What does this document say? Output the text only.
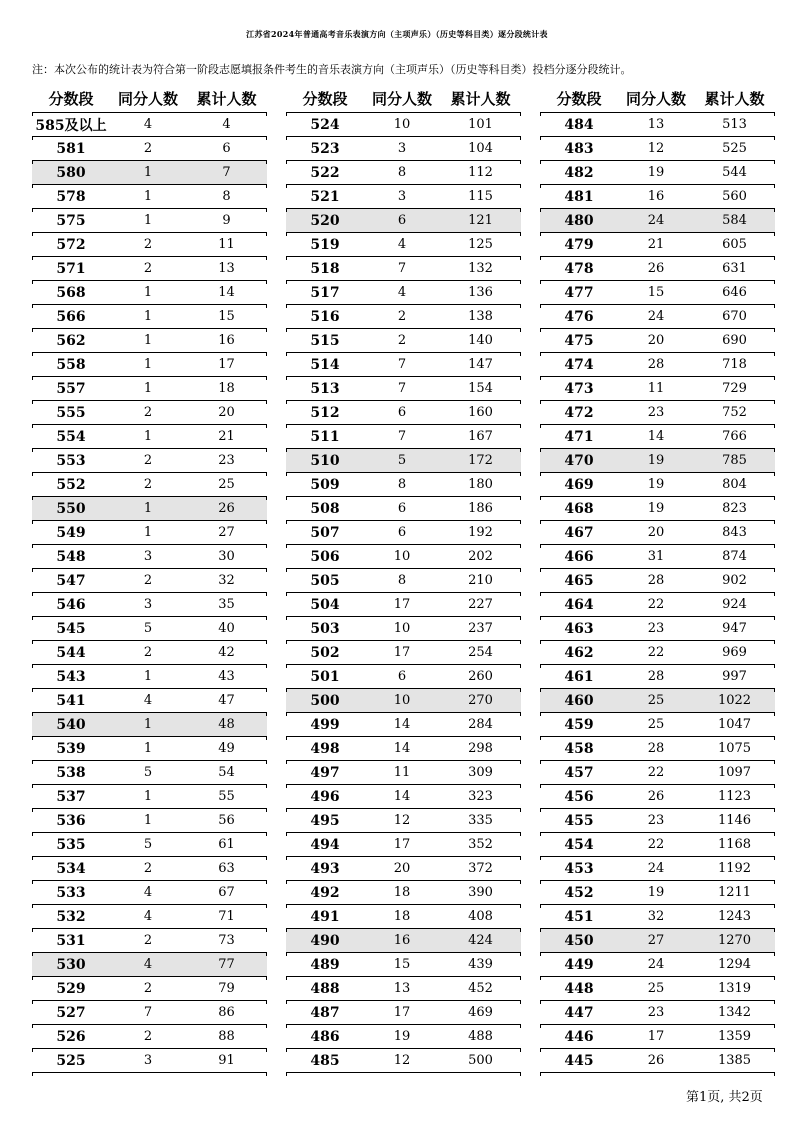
江苏省2024年普通高考音乐表演方向（主项声乐）（历史等科目类）逐分段统计表
注：本次公布的统计表为符合第一阶段志愿填报条件考生的音乐表演方向（主项声乐）（历史等科目类）投档分逐分段统计。
分数段	同分人数	累计人数
585及以上	4	4
581	2	6
580	1	7
578	1	8
575	1	9
572	2	11
571	2	13
568	1	14
566	1	15
562	1	16
558	1	17
557	1	18
555	2	20
554	1	21
553	2	23
552	2	25
550	1	26
549	1	27
548	3	30
547	2	32
546	3	35
545	5	40
544	2	42
543	1	43
541	4	47
540	1	48
539	1	49
538	5	54
537	1	55
536	1	56
535	5	61
534	2	63
533	4	67
532	4	71
531	2	73
530	4	77
529	2	79
527	7	86
526	2	88
525	3	91
分数段	同分人数	累计人数
524	10	101
523	3	104
522	8	112
521	3	115
520	6	121
519	4	125
518	7	132
517	4	136
516	2	138
515	2	140
514	7	147
513	7	154
512	6	160
511	7	167
510	5	172
509	8	180
508	6	186
507	6	192
506	10	202
505	8	210
504	17	227
503	10	237
502	17	254
501	6	260
500	10	270
499	14	284
498	14	298
497	11	309
496	14	323
495	12	335
494	17	352
493	20	372
492	18	390
491	18	408
490	16	424
489	15	439
488	13	452
487	17	469
486	19	488
485	12	500
分数段	同分人数	累计人数
484	13	513
483	12	525
482	19	544
481	16	560
480	24	584
479	21	605
478	26	631
477	15	646
476	24	670
475	20	690
474	28	718
473	11	729
472	23	752
471	14	766
470	19	785
469	19	804
468	19	823
467	20	843
466	31	874
465	28	902
464	22	924
463	23	947
462	22	969
461	28	997
460	25	1022
459	25	1047
458	28	1075
457	22	1097
456	26	1123
455	23	1146
454	22	1168
453	24	1192
452	19	1211
451	32	1243
450	27	1270
449	24	1294
448	25	1319
447	23	1342
446	17	1359
445	26	1385
第1页, 共2页
